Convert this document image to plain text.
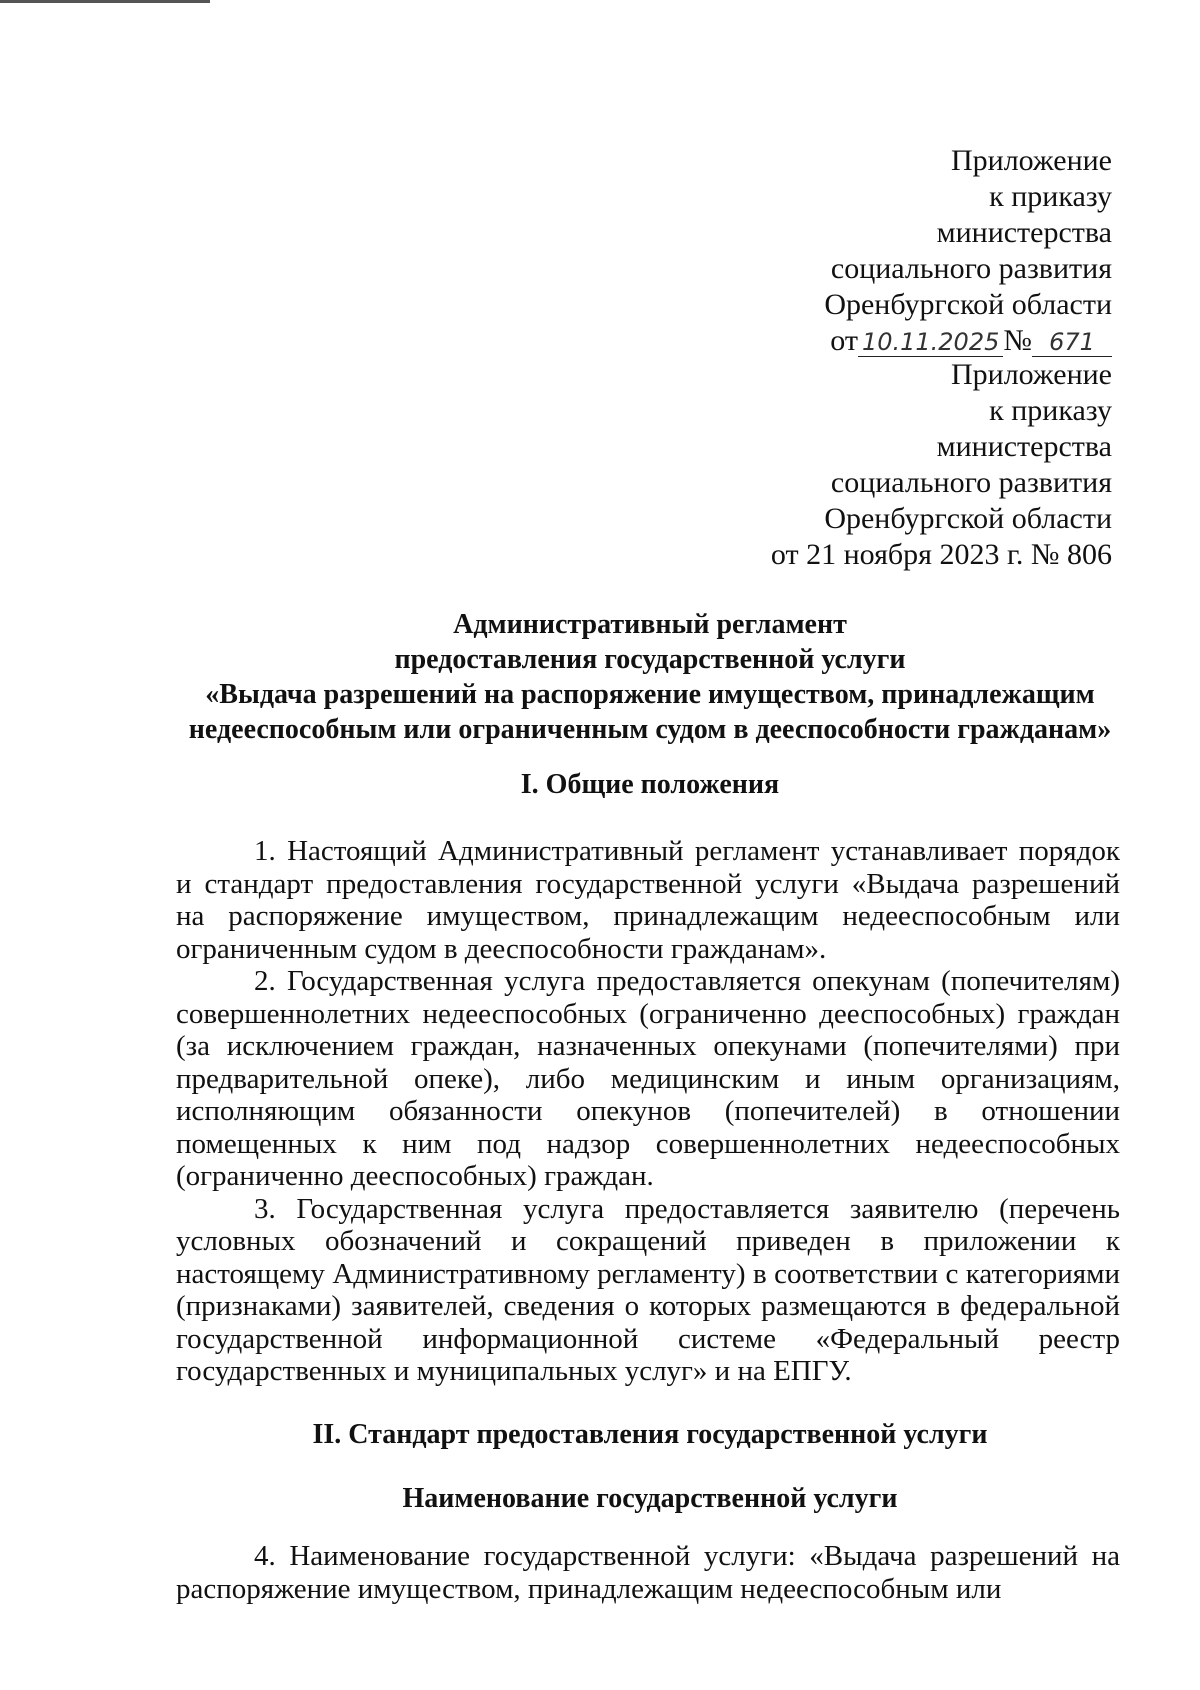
Приложение
к приказу
министерства
социального развития
Оренбургской области
от 10.11.2025 № 671
Приложение
к приказу
министерства
социального развития
Оренбургской области
от 21 ноября 2023 г. № 806
Административный регламент
предоставления государственной услуги
«Выдача разрешений на распоряжение имуществом, принадлежащим
недееспособным или ограниченным судом в дееспособности гражданам»
I. Общие положения

1. Настоящий Административный регламент устанавливает порядок и стандарт предоставления государственной услуги «Выдача разрешений на распоряжение имуществом, принадлежащим недееспособным или ограниченным судом в дееспособности гражданам».

2. Государственная услуга предоставляется опекунам (попечителям) совершеннолетних недееспособных (ограниченно дееспособных) граждан (за исключением граждан, назначенных опекунами (попечителями) при предварительной опеке), либо медицинским и иным организациям, исполняющим обязанности опекунов (попечителей) в отношении помещенных к ним под надзор совершеннолетних недееспособных (ограниченно дееспособных) граждан.

3. Государственная услуга предоставляется заявителю (перечень условных обозначений и сокращений приведен в приложении к настоящему Административному регламенту) в соответствии с категориями (признаками) заявителей, сведения о которых размещаются в федеральной государственной информационной системе «Федеральный реестр государственных и муниципальных услуг» и на ЕПГУ.

II. Стандарт предоставления государственной услуги
Наименование государственной услуги

4. Наименование государственной услуги: «Выдача разрешений на распоряжение имуществом, принадлежащим недееспособным или
